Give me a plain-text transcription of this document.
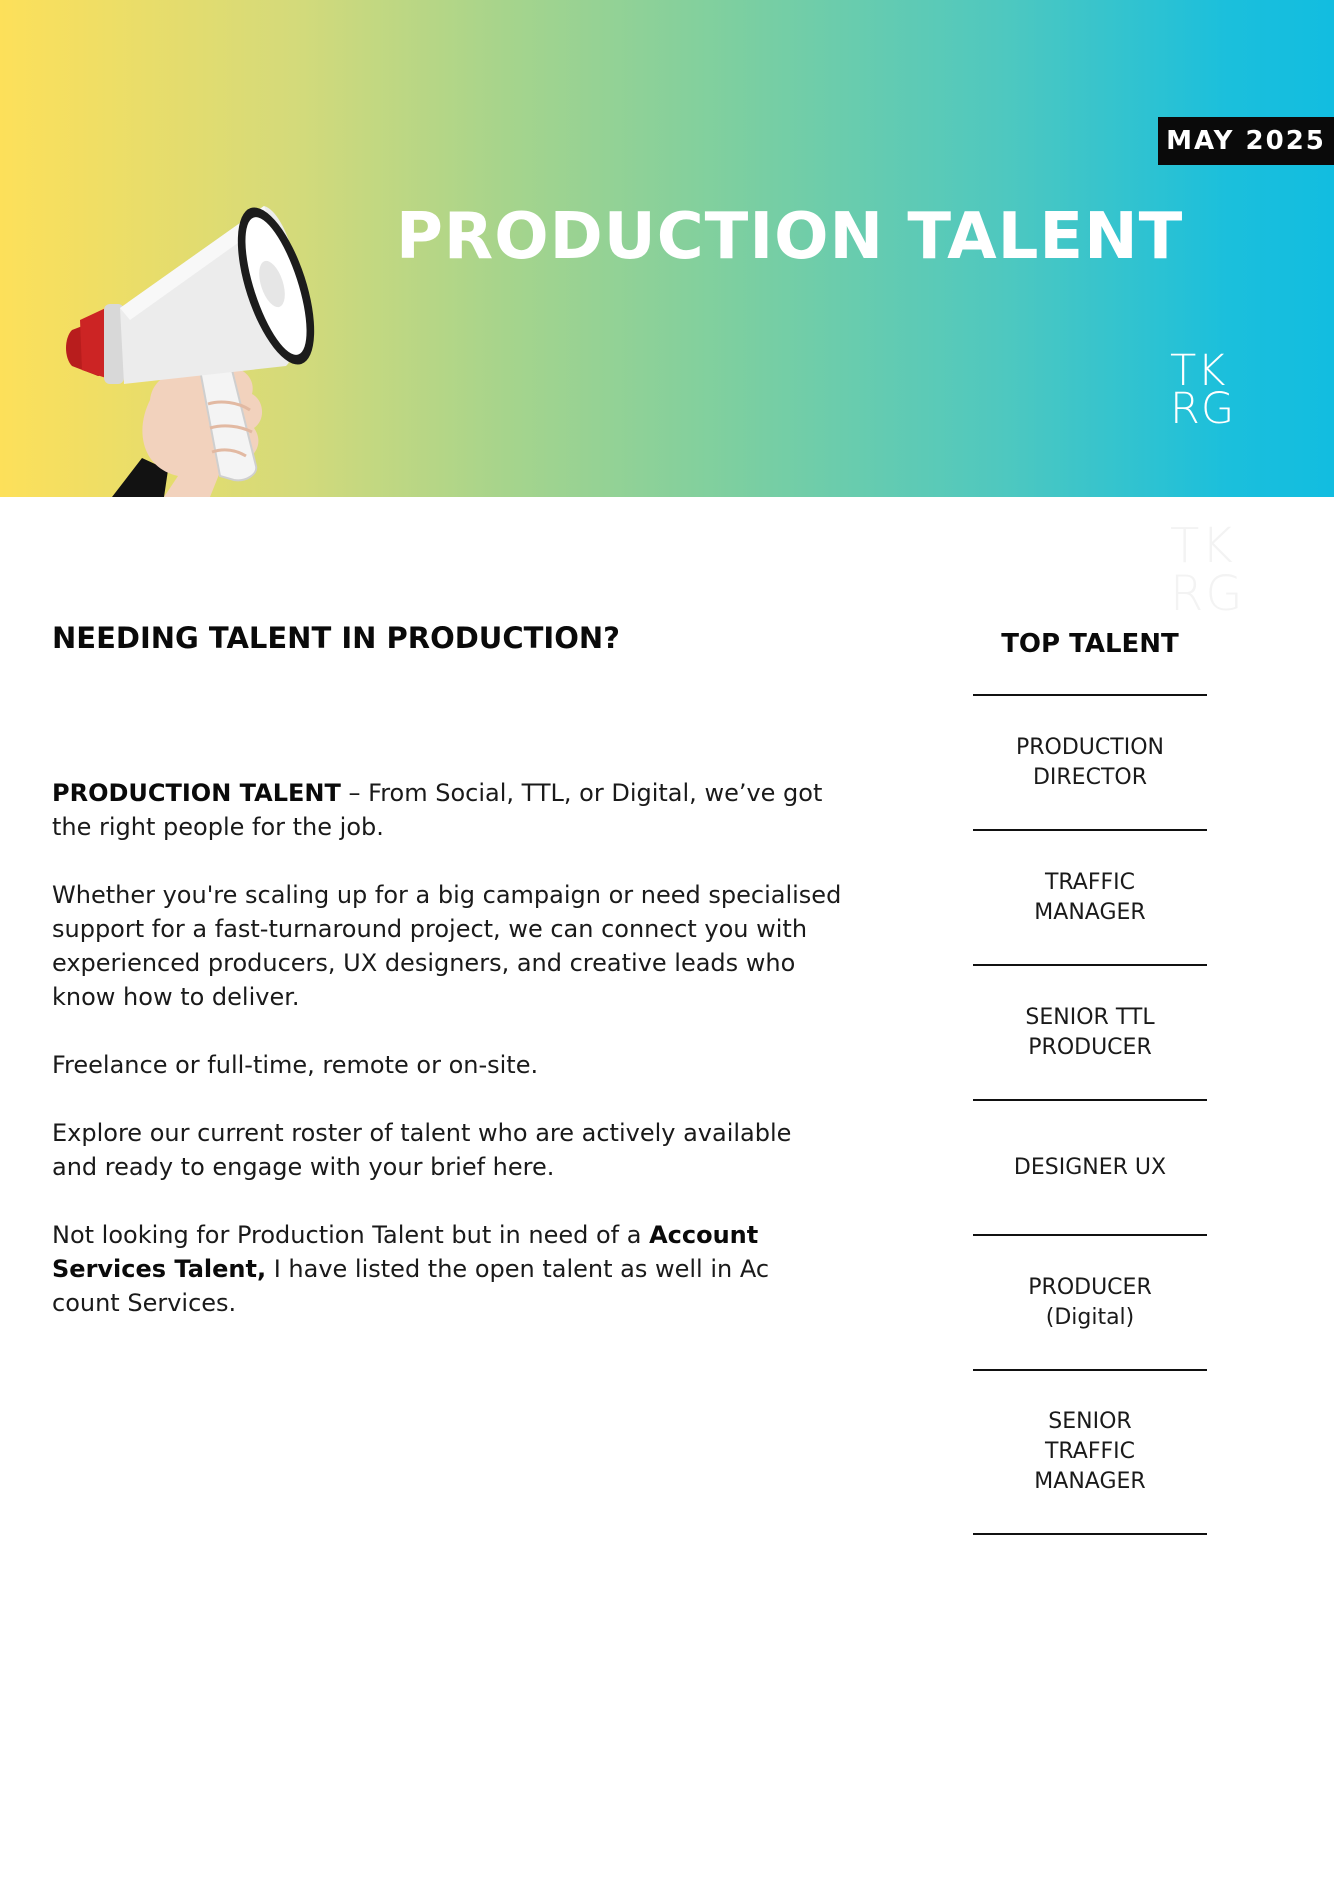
MAY 2025
PRODUCTION TALENT
TK
RG
TK
RG
NEEDING TALENT IN PRODUCTION?

PRODUCTION TALENT – From Social, TTL, or Digital, we’ve got the right people for the job.

Whether you're scaling up for a big campaign or need specialised support for a fast-turnaround project, we can connect you with experienced producers, UX designers, and creative leads who know how to deliver.

Freelance or full-time, remote or on-site.

Explore our current roster of talent who are actively available and ready to engage with your brief here.

Not looking for Production Talent but in need of a Account Services Talent, I have listed the open talent as well in Ac count Services.

TOP TALENT
PRODUCTION
DIRECTOR
TRAFFIC
MANAGER
SENIOR TTL
PRODUCER
DESIGNER UX
PRODUCER
(Digital)
SENIOR
TRAFFIC
MANAGER
